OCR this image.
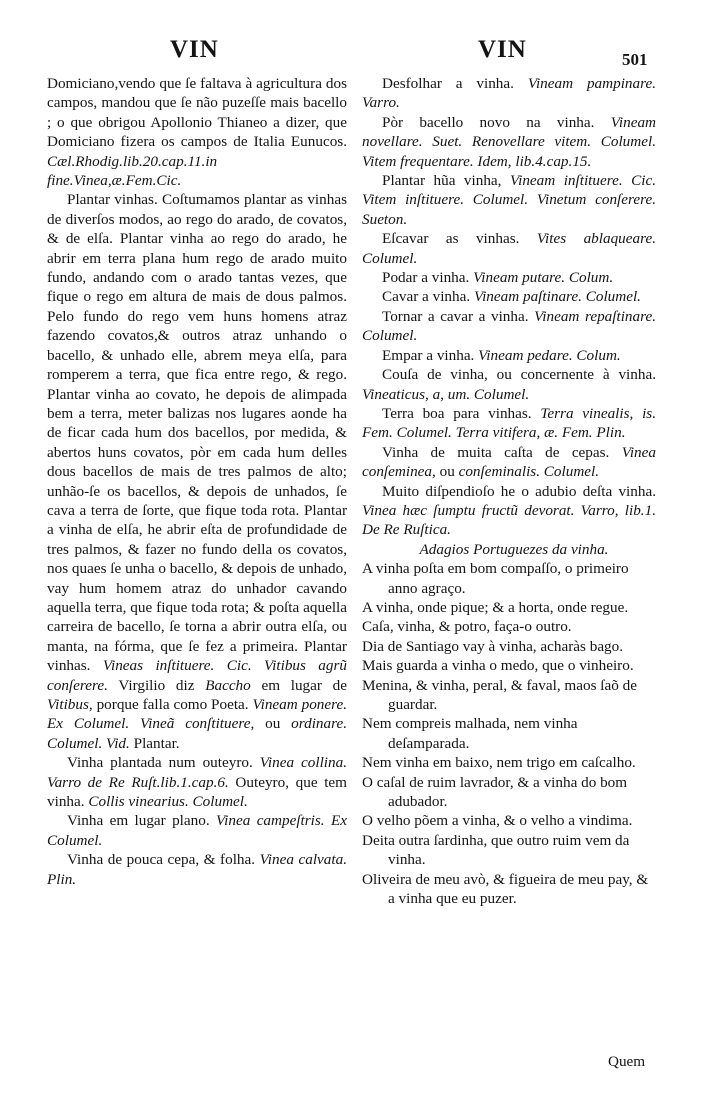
VIN	VIN	501

Domiciano,vendo que ſe faltava à agricultura dos campos, mandou que ſe não puzeſſe mais bacello ; o que obrigou Apollonio Thianeo a dizer, que Domiciano fizera os campos de Italia Eunucos. Cæl.Rhodig.lib.20.cap.11.in fine.Vinea,æ.Fem.Cic.

Plantar vinhas. Coſtumamos plantar as vinhas de diverſos modos, ao rego do arado, de covatos, & de elſa. Plantar vinha ao rego do arado, he abrir em terra plana hum rego de arado muito fundo, andando com o arado tantas vezes, que fique o rego em altura de mais de dous palmos. Pelo fundo do rego vem huns homens atraz fazendo covatos,& outros atraz unhando o bacello, & unhado elle, abrem meya elſa, para romperem a terra, que fica entre rego, & rego. Plantar vinha ao covato, he depois de alimpada bem a terra, meter balizas nos lugares aonde ha de ficar cada hum dos bacellos, por medida, & abertos huns covatos, pòr em cada hum delles dous bacellos de mais de tres palmos de alto; unhão-ſe os bacellos, & depois de unhados, ſe cava a terra de ſorte, que fique toda rota. Plantar a vinha de elſa, he abrir eſta de profundidade de tres palmos, & fazer no fundo della os covatos, nos quaes ſe unha o bacello, & depois de unhado, vay hum homem atraz do unhador cavando aquella terra, que fique toda rota; & poſta aquella carreira de bacello, ſe torna a abrir outra elſa, ou manta, na fórma, que ſe fez a primeira. Plantar vinhas. Vineas inſtituere. Cic. Vitibus agrũ conſerere. Virgilio diz Baccho em lugar de Vitibus, porque falla como Poeta. Vineam ponere. Ex Columel. Vineã conſtituere, ou ordinare. Columel. Vid. Plantar.

Vinha plantada num outeyro. Vinea collina. Varro de Re Ruſt.lib.1.cap.6. Outeyro, que tem vinha. Collis vinearius. Columel.

Vinha em lugar plano. Vinea campeſtris. Ex Columel.

Vinha de pouca cepa, & folha. Vinea calvata. Plin.

Desfolhar a vinha. Vineam pampinare. Varro.

Pòr bacello novo na vinha. Vineam novellare. Suet. Renovellare vitem. Columel. Vitem frequentare. Idem, lib.4.cap.15.

Plantar hũa vinha, Vineam inſtituere. Cic. Vitem inſtituere. Columel. Vinetum conſerere. Sueton.

Eſcavar as vinhas. Vites ablaqueare. Columel.

Podar a vinha. Vineam putare. Colum.

Cavar a vinha. Vineam paſtinare. Columel.

Tornar a cavar a vinha. Vineam repaſtinare. Columel.

Empar a vinha. Vineam pedare. Colum.

Couſa de vinha, ou concernente à vinha. Vineaticus, a, um. Columel.

Terra boa para vinhas. Terra vinealis, is. Fem. Columel. Terra vitifera, æ. Fem. Plin.

Vinha de muita caſta de cepas. Vinea conſeminea, ou conſeminalis. Columel.

Muito diſpendioſo he o adubio deſta vinha. Vinea hæc ſumptu fructũ devorat. Varro, lib.1. De Re Ruſtica.

Adagios Portuguezes da vinha.

A vinha poſta em bom compaſſo, o primeiro anno agraço.

A vinha, onde pique; & a horta, onde regue.

Caſa, vinha, & potro, faça-o outro.

Dia de Santiago vay à vinha, acharàs bago.

Mais guarda a vinha o medo, que o vinheiro.

Menina, & vinha, peral, & faval, maos ſaõ de guardar.

Nem compreis malhada, nem vinha deſamparada.

Nem vinha em baixo, nem trigo em caſcalho.

O caſal de ruim lavrador, & a vinha do bom adubador.

O velho põem a vinha, & o velho a vindima.

Deita outra ſardinha, que outro ruim vem da vinha.

Oliveira de meu avò, & figueira de meu pay, & a vinha que eu puzer.

Quem
